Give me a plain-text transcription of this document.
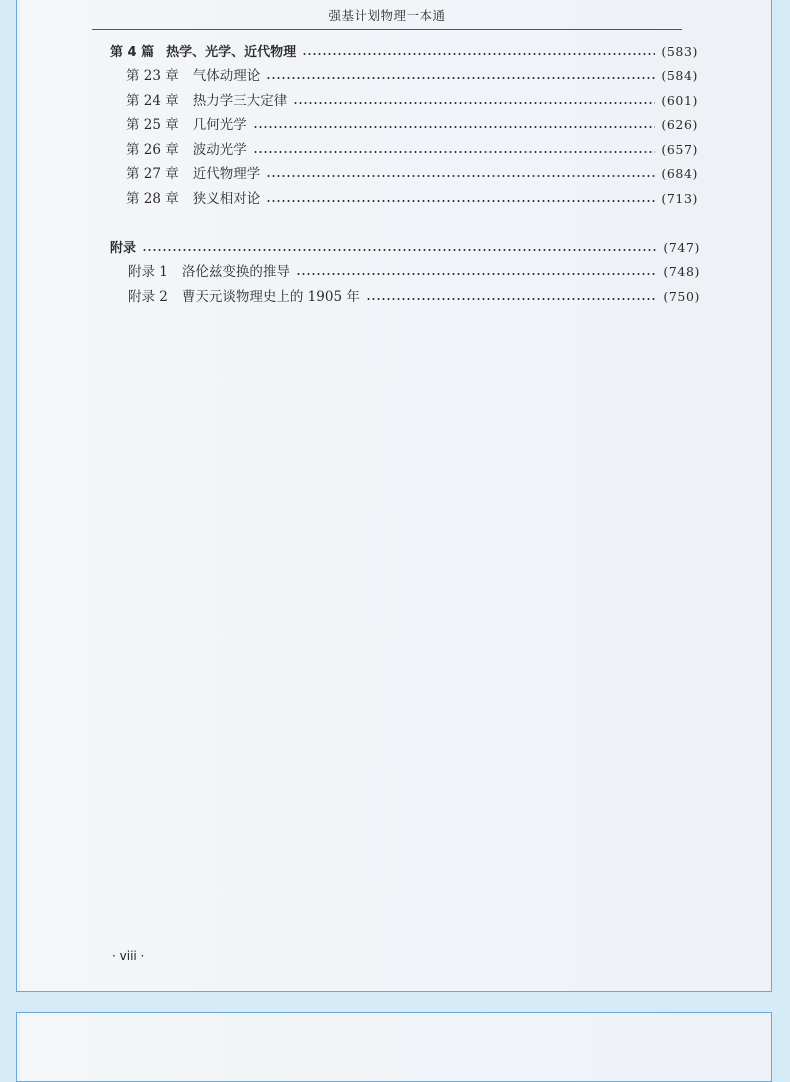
强基计划物理一本通
第 4 篇 热学、光学、近代物理	(583)
第 23 章 气体动理论	(584)
第 24 章 热力学三大定律	(601)
第 25 章 几何光学	(626)
第 26 章 波动光学	(657)
第 27 章 近代物理学	(684)
第 28 章 狭义相对论	(713)
附录	(747)
附录 1 洛伦兹变换的推导	(748)
附录 2 曹天元谈物理史上的 1905 年	(750)
· viii ·
